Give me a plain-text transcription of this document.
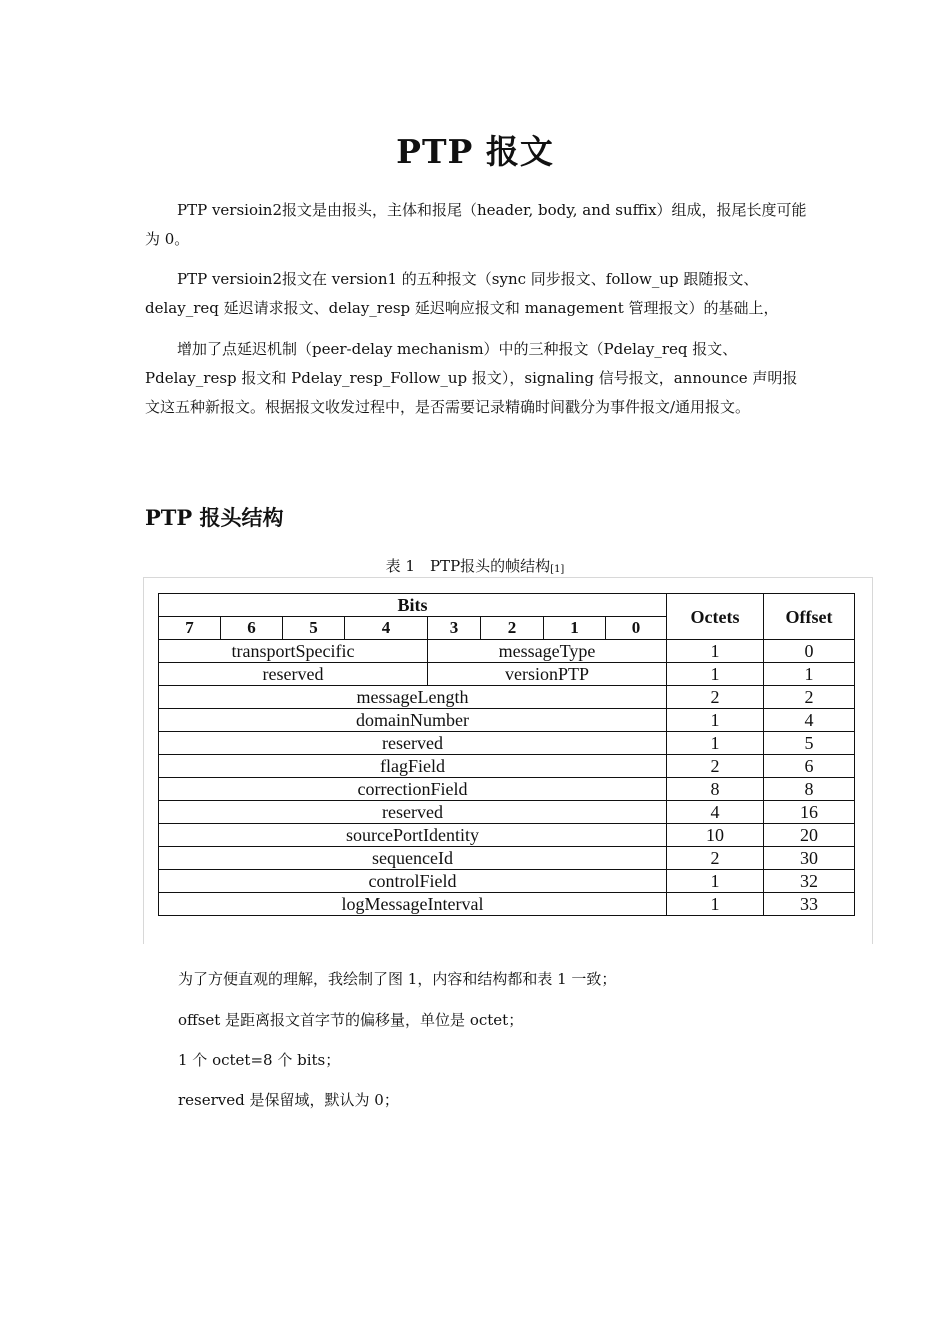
PTP 报文

PTP versioin2报文是由报头，主体和报尾（header, body, and suffix）组成，报尾长度可能为 0。

PTP versioin2报文在 version1 的五种报文（sync 同步报文、follow_up 跟随报文、delay_req 延迟请求报文、delay_resp 延迟响应报文和 management 管理报文）的基础上，

增加了点延迟机制（peer-delay mechanism）中的三种报文（Pdelay_req 报文、Pdelay_resp 报文和 Pdelay_resp_Follow_up 报文），signaling 信号报文，announce 声明报文这五种新报文。根据报文收发过程中，是否需要记录精确时间戳分为事件报文/通用报文。

PTP 报头结构
表 1　PTP报头的帧结构$_{[1]}$
Bits								Octets	Offset
7	6	5	4	3	2	1	0		
transportSpecific				messageType				1	0
reserved				versionPTP				1	1
messageLength								2	2
domainNumber								1	4
reserved								1	5
flagField								2	6
correctionField								8	8
reserved								4	16
sourcePortIdentity								10	20
sequenceId								2	30
controlField								1	32
logMessageInterval								1	33

为了方便直观的理解，我绘制了图 1，内容和结构都和表 1 一致；

offset 是距离报文首字节的偏移量，单位是 octet；

1 个 octet=8 个 bits；

reserved 是保留域，默认为 0；
